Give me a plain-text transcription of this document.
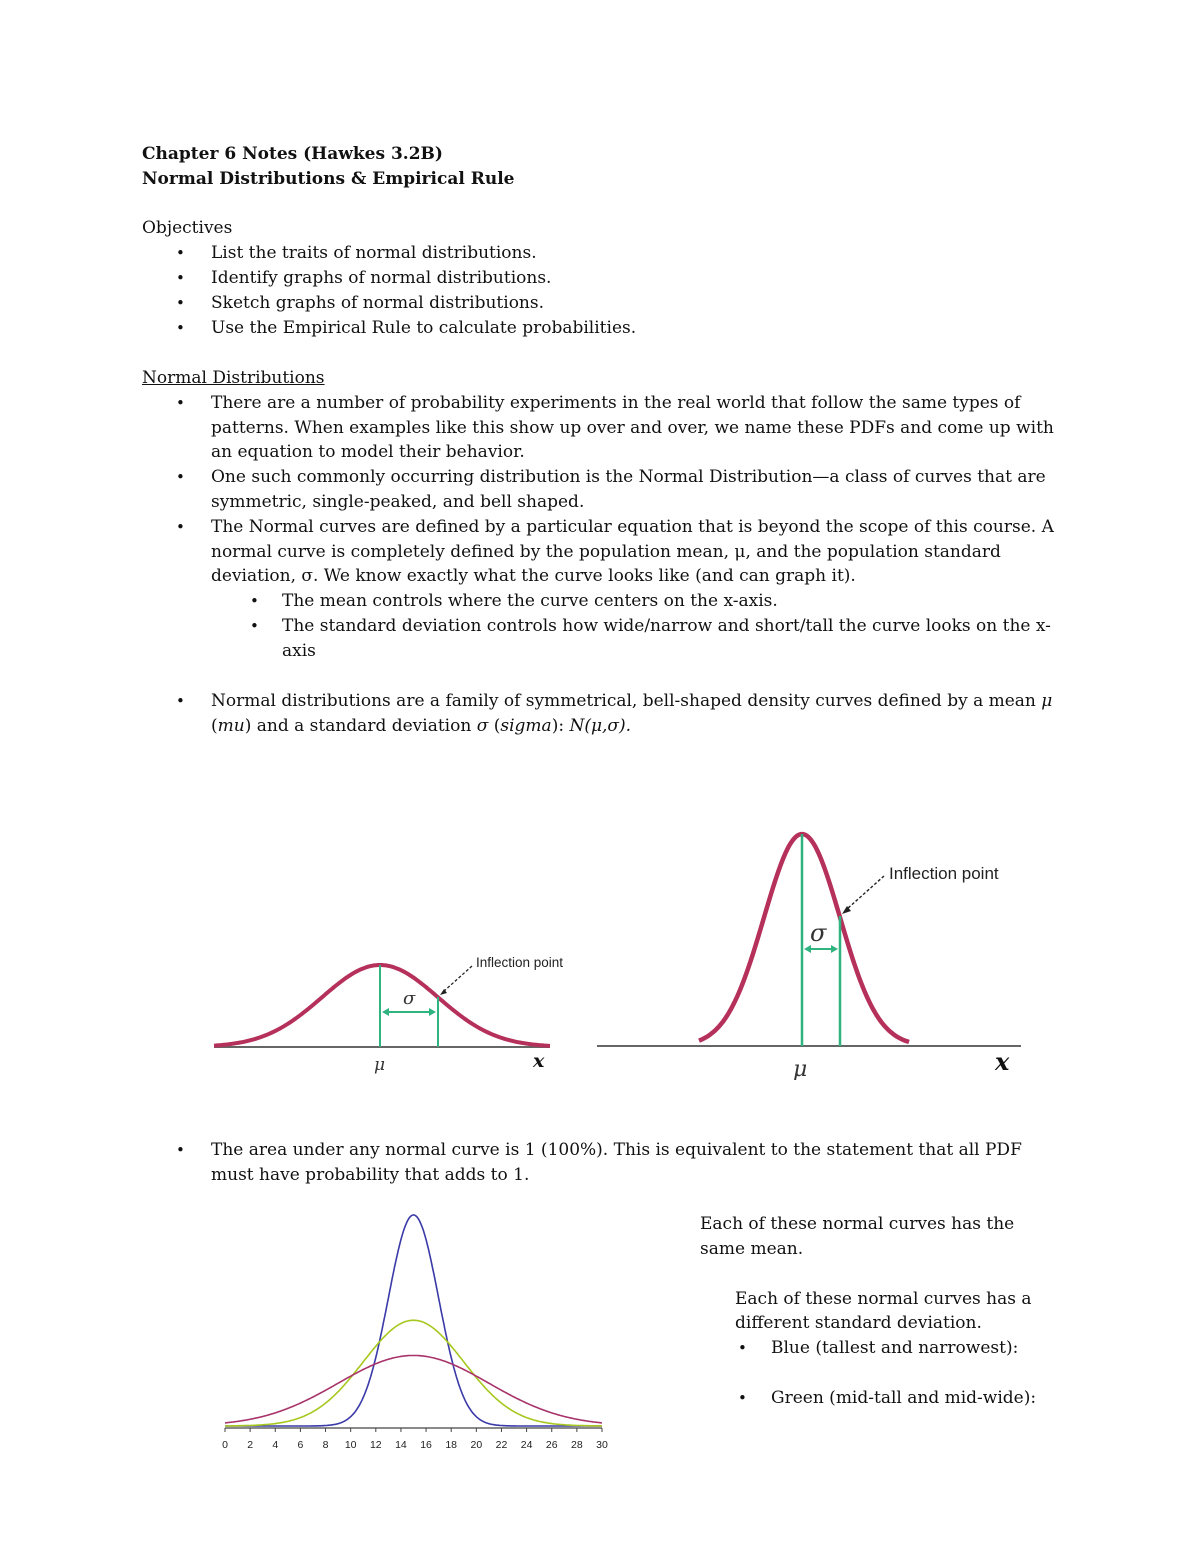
Chapter 6 Notes (Hawkes 3.2B)
Normal Distributions & Empirical Rule
Objectives
• List the traits of normal distributions.
• Identify graphs of normal distributions.
• Sketch graphs of normal distributions.
• Use the Empirical Rule to calculate probabilities.
Normal Distributions
• There are a number of probability experiments in the real world that follow the same types of
patterns. When examples like this show up over and over, we name these PDFs and come up with
an equation to model their behavior.
• One such commonly occurring distribution is the Normal Distribution—a class of curves that are
symmetric, single-peaked, and bell shaped.
• The Normal curves are defined by a particular equation that is beyond the scope of this course. A
normal curve is completely defined by the population mean, μ, and the population standard
deviation, σ. We know exactly what the curve looks like (and can graph it).
• The mean controls where the curve centers on the x-axis.
• The standard deviation controls how wide/narrow and short/tall the curve looks on the x-
axis
• Normal distributions are a family of symmetrical, bell-shaped density curves defined by a mean μ
(mu) and a standard deviation σ (sigma): N(μ,σ).
Inflection point
σ
μ	x
Inflection point
σ
μ	x
• The area under any normal curve is 1 (100%). This is equivalent to the statement that all PDF
must have probability that adds to 1.
0 2 4 6 8 10 12 14 16 18 20 22 24 26 28 30
Each of these normal curves has the
same mean.
Each of these normal curves has a
different standard deviation.
• Blue (tallest and narrowest):
• Green (mid-tall and mid-wide):
